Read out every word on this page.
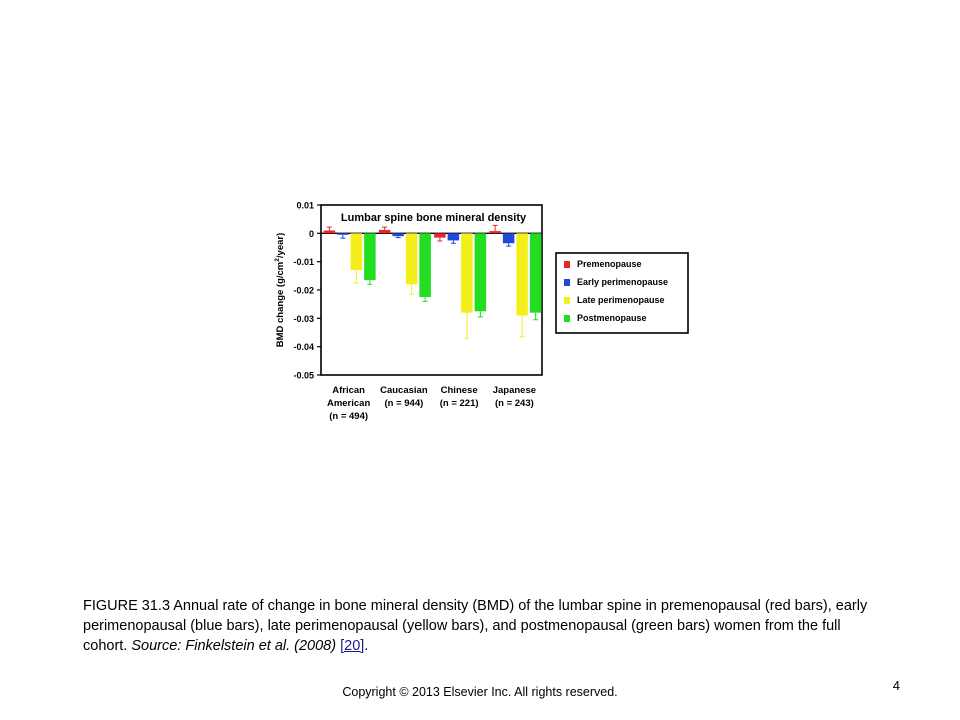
0.01
0
-0.01
-0.02
-0.03
-0.04
-0.05
BMD change $(g/cm^2/year)$
Lumbar spine bone mineral density
African
American
(n = 494)
Caucasian
(n = 944)
Chinese
(n = 221)
Japanese
(n = 243)
Premenopause
Early perimenopause
Late perimenopause
Postmenopause
FIGURE 31.3 Annual rate of change in bone mineral density (BMD) of the lumbar spine in premenopausal (red bars), early perimenopausal (blue bars), late perimenopausal (yellow bars), and postmenopausal (green bars) women from the full cohort. Source: Finkelstein et al. (2008) [20].
Copyright © 2013 Elsevier Inc. All rights reserved.	4
